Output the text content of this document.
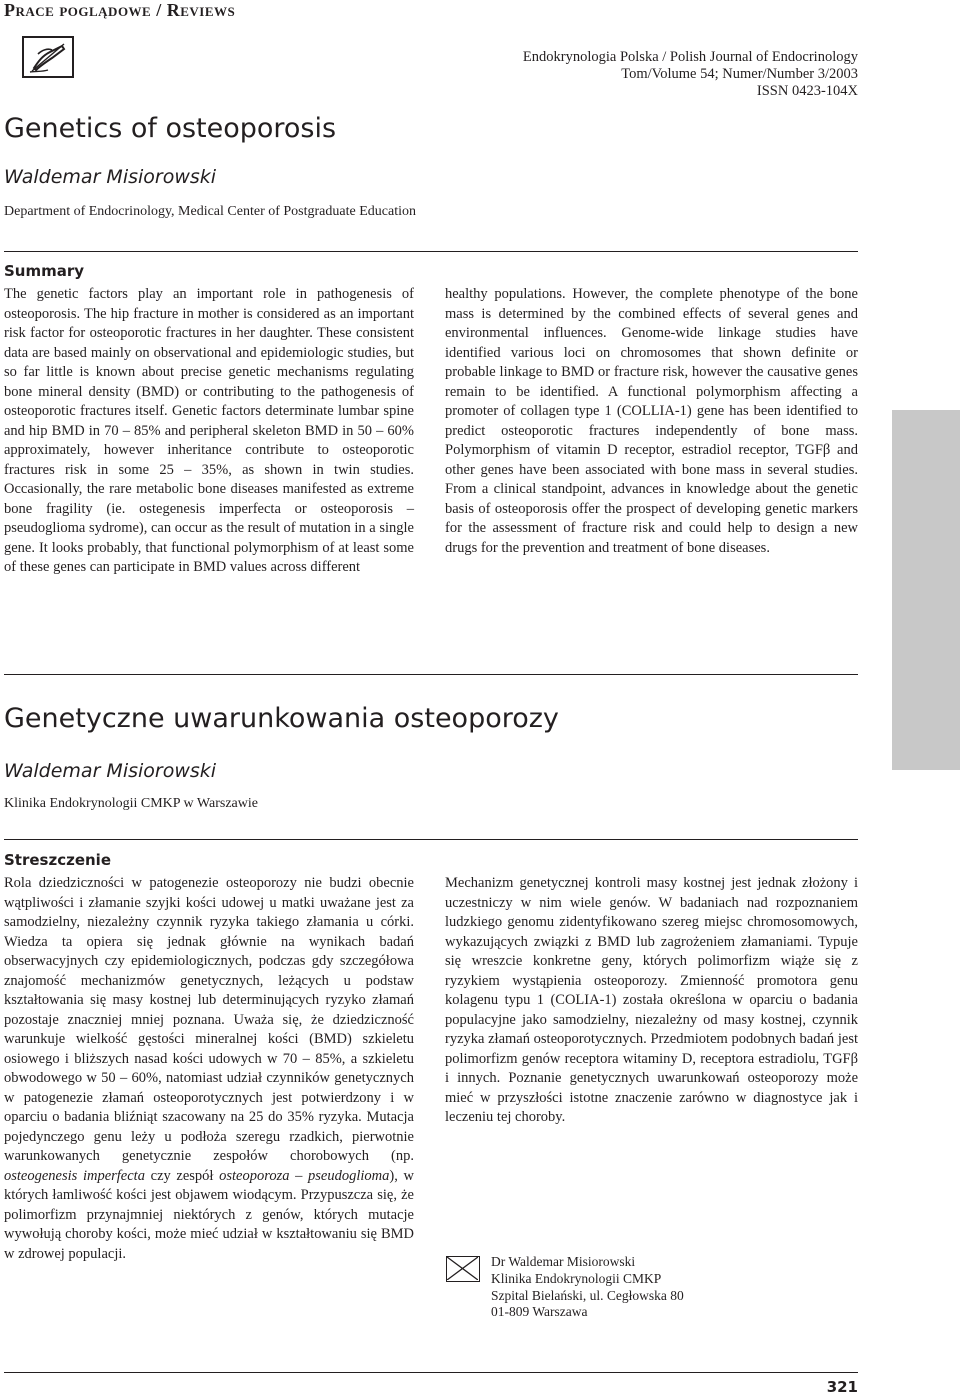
Prace poglądowe / Reviews
Endokrynologia Polska / Polish Journal of Endocrinology
Tom/Volume 54; Numer/Number 3/2003
ISSN 0423-104X
Genetics of osteoporosis
Waldemar Misiorowski
Department of Endocrinology, Medical Center of Postgraduate Education
Summary

The genetic factors play an important role in pathogenesis of osteoporosis. The hip fracture in mother is considered as an important risk factor for osteoporotic fractures in her daughter. These consistent data are based mainly on observational and epidemiologic studies, but so far little is known about precise genetic mechanisms regulating bone mineral density (BMD) or contributing to the pathogenesis of osteoporotic fractures itself. Genetic factors determinate lumbar spine and hip BMD in 70 – 85% and peripheral skeleton BMD in 50 – 60% approximately, however inheritance contribute to osteoporotic fractures risk in some 25 – 35%, as shown in twin studies. Occasionally, the rare metabolic bone diseases manifested as extreme bone fragility (ie. ostegenesis imperfecta or osteoporosis – pseudoglioma sydrome), can occur as the result of mutation in a single gene. It looks probably, that functional polymorphism of at least some of these genes can participate in BMD values across different

healthy populations. However, the complete phenotype of the bone mass is determined by the combined effects of several genes and environmental influences. Genome-wide linkage studies have identified various loci on chromosomes that shown definite or probable linkage to BMD or fracture risk, however the causative genes remain to be identified. A functional polymorphism affecting a promoter of collagen type 1 (COLLIA-1) gene has been identified to predict osteoporotic fractures independently of bone mass. Polymorphism of vitamin D receptor, estradiol receptor, TGFβ and other genes have been associated with bone mass in several studies. From a clinical standpoint, advances in knowledge about the genetic basis of osteoporosis offer the prospect of developing genetic markers for the assessment of fracture risk and could help to design a new drugs for the prevention and treatment of bone diseases.

Genetyczne uwarunkowania osteoporozy
Waldemar Misiorowski
Klinika Endokrynologii CMKP w Warszawie
Streszczenie

Rola dziedziczności w patogenezie osteoporozy nie budzi obecnie wątpliwości i złamanie szyjki kości udowej u matki uważane jest za samodzielny, niezależny czynnik ryzyka takiego złamania u córki. Wiedza ta opiera się jednak głównie na wynikach badań obserwacyjnych czy epidemiologicznych, podczas gdy szczegółowa znajomość mechanizmów genetycznych, leżących u podstaw kształtowania się masy kostnej lub determinujących ryzyko złamań pozostaje znaczniej mniej poznana. Uważa się, że dziedziczność warunkuje wielkość gęstości mineralnej kości (BMD) szkieletu osiowego i bliższych nasad kości udowych w 70 – 85%, a szkieletu obwodowego w 50 – 60%, natomiast udział czynników genetycznych w patogenezie złamań osteoporotycznych jest potwierdzony i w oparciu o badania bliźniąt szacowany na 25 do 35% ryzyka. Mutacja pojedynczego genu leży u podłoża szeregu rzadkich, pierwotnie warunkowanych genetycznie zespołów chorobowych (np. osteogenesis imperfecta czy zespół osteoporoza – pseudoglioma), w których łamliwość kości jest objawem wiodącym. Przypuszcza się, że polimorfizm przynajmniej niektórych z genów, których mutacje wywołują choroby kości, może mieć udział w kształtowaniu się BMD w zdrowej populacji.

Mechanizm genetycznej kontroli masy kostnej jest jednak złożony i uczestniczy w nim wiele genów. W badaniach nad rozpoznaniem ludzkiego genomu zidentyfikowano szereg miejsc chromosomowych, wykazujących związki z BMD lub zagrożeniem złamaniami. Typuje się wreszcie konkretne geny, których polimorfizm wiąże się z ryzykiem wystąpienia osteoporozy. Zmienność promotora genu kolagenu typu 1 (COLIA-1) została określona w oparciu o badania populacyjne jako samodzielny, niezależny od masy kostnej, czynnik ryzyka złamań osteoporotycznych. Przedmiotem podobnych badań jest polimorfizm genów receptora witaminy D, receptora estradiolu, TGFβ i innych. Poznanie genetycznych uwarunkowań osteoporozy może mieć w przyszłości istotne znaczenie zarówno w diagnostyce jak i leczeniu tej choroby.

Dr Waldemar Misiorowski
Klinika Endokrynologii CMKP
Szpital Bielański, ul. Cegłowska 80
01-809 Warszawa
321
